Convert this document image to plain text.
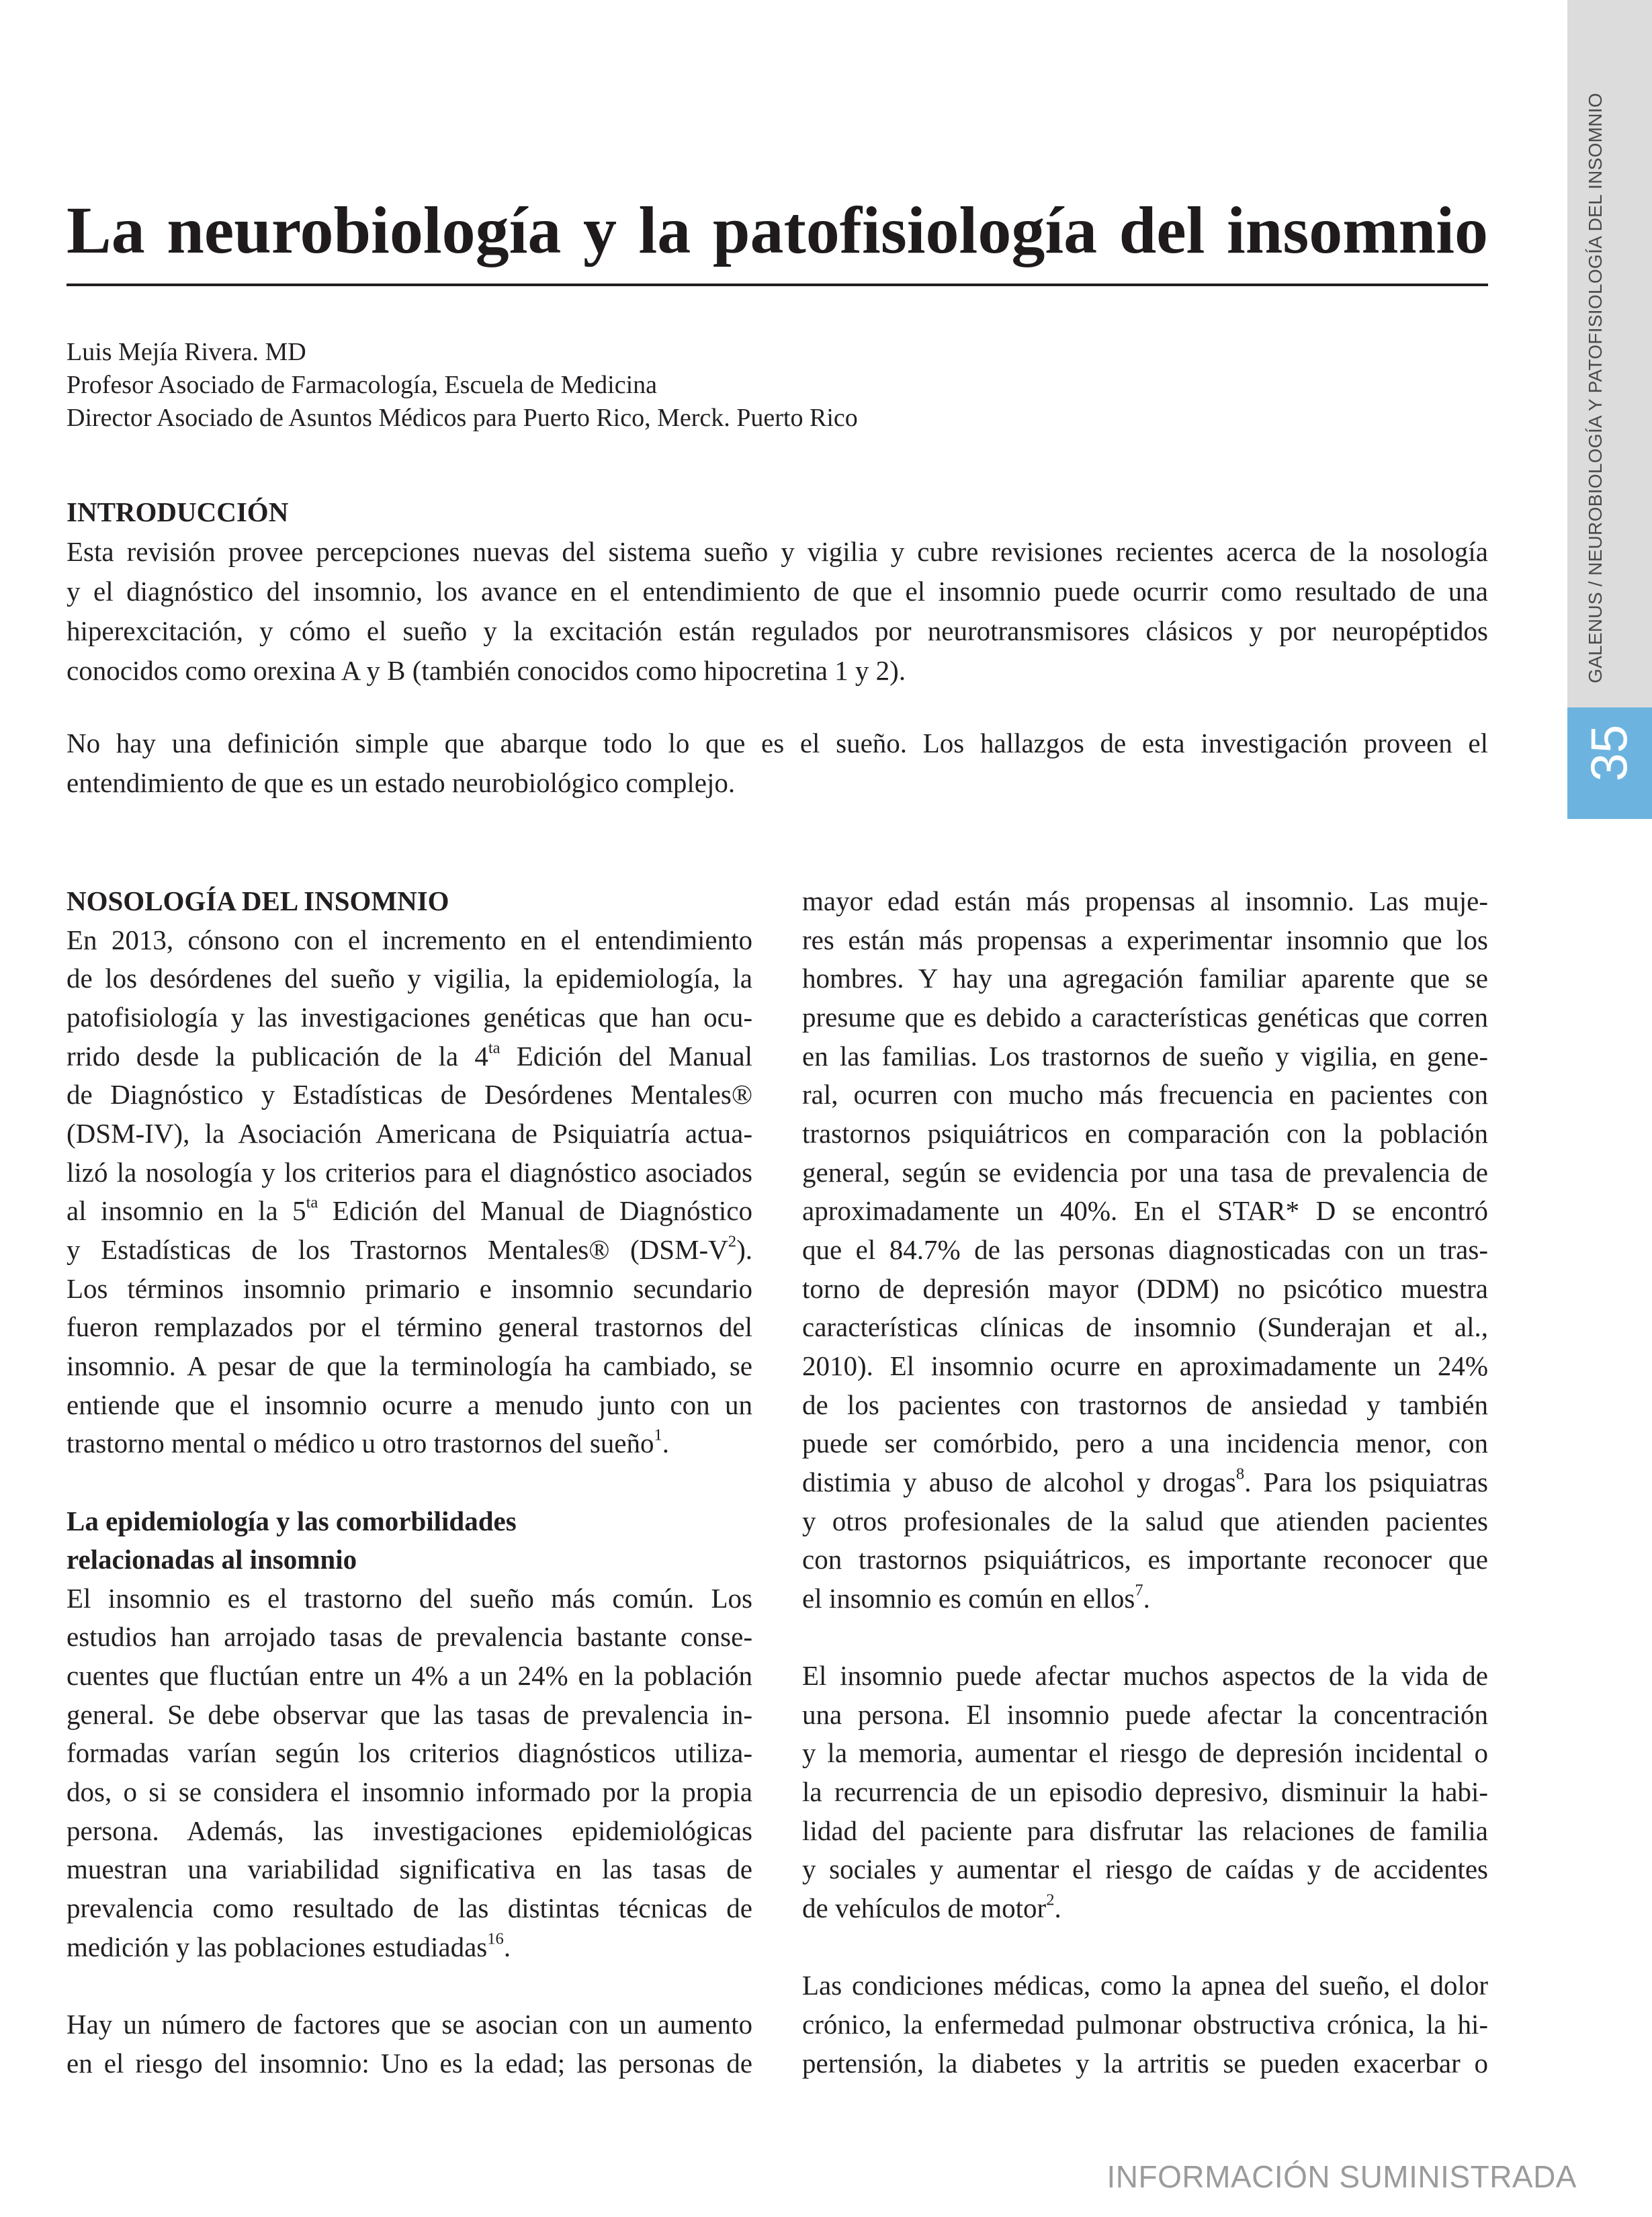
GALENUS / NEUROBIOLOGÍA Y PATOFISIOLOGÍA DEL INSOMNIO
35
La neurobiología y la patofisiología del insomnio
Luis Mejía Rivera. MD
Profesor Asociado de Farmacología, Escuela de Medicina
Director Asociado de Asuntos Médicos para Puerto Rico, Merck. Puerto Rico
INTRODUCCIÓN
Esta revisión provee percepciones nuevas del sistema sueño y vigilia y cubre revisiones recientes acerca de la nosología
y el diagnóstico del insomnio, los avance en el entendimiento de que el insomnio puede ocurrir como resultado de una
hiperexcitación, y cómo el sueño y la excitación están regulados por neurotransmisores clásicos y por neuropéptidos
conocidos como orexina A y B (también conocidos como hipocretina 1 y 2).
No hay una definición simple que abarque todo lo que es el sueño. Los hallazgos de esta investigación proveen el
entendimiento de que es un estado neurobiológico complejo.
NOSOLOGÍA DEL INSOMNIO
En 2013, cónsono con el incremento en el entendimiento
de los desórdenes del sueño y vigilia, la epidemiología, la
patofisiología y las investigaciones genéticas que han ocu-
rrido desde la publicación de la $4^{ta}$ Edición del Manual
de Diagnóstico y Estadísticas de Desórdenes Mentales®
(DSM-IV), la Asociación Americana de Psiquiatría actua-
lizó la nosología y los criterios para el diagnóstico asociados
al insomnio en la $5^{ta}$ Edición del Manual de Diagnóstico
y Estadísticas de los Trastornos Mentales® $(DSM-V^2)$.
Los términos insomnio primario e insomnio secundario
fueron remplazados por el término general trastornos del
insomnio. A pesar de que la terminología ha cambiado, se
entiende que el insomnio ocurre a menudo junto con un
trastorno mental o médico u otro trastornos del sueño$^1$.
La epidemiología y las comorbilidades
relacionadas al insomnio
El insomnio es el trastorno del sueño más común. Los
estudios han arrojado tasas de prevalencia bastante conse-
cuentes que fluctúan entre un 4% a un 24% en la población
general. Se debe observar que las tasas de prevalencia in-
formadas varían según los criterios diagnósticos utiliza-
dos, o si se considera el insomnio informado por la propia
persona. Además, las investigaciones epidemiológicas
muestran una variabilidad significativa en las tasas de
prevalencia como resultado de las distintas técnicas de
medición y las poblaciones estudiadas$^{16}$.
Hay un número de factores que se asocian con un aumento
en el riesgo del insomnio: Uno es la edad; las personas de
mayor edad están más propensas al insomnio. Las muje-
res están más propensas a experimentar insomnio que los
hombres. Y hay una agregación familiar aparente que se
presume que es debido a características genéticas que corren
en las familias. Los trastornos de sueño y vigilia, en gene-
ral, ocurren con mucho más frecuencia en pacientes con
trastornos psiquiátricos en comparación con la población
general, según se evidencia por una tasa de prevalencia de
aproximadamente un 40%. En el STAR* D se encontró
que el 84.7% de las personas diagnosticadas con un tras-
torno de depresión mayor (DDM) no psicótico muestra
características clínicas de insomnio (Sunderajan et al.,
2010). El insomnio ocurre en aproximadamente un 24%
de los pacientes con trastornos de ansiedad y también
puede ser comórbido, pero a una incidencia menor, con
distimia y abuso de alcohol y drogas$^8$. Para los psiquiatras
y otros profesionales de la salud que atienden pacientes
con trastornos psiquiátricos, es importante reconocer que
el insomnio es común en ellos$^7$.
El insomnio puede afectar muchos aspectos de la vida de
una persona. El insomnio puede afectar la concentración
y la memoria, aumentar el riesgo de depresión incidental o
la recurrencia de un episodio depresivo, disminuir la habi-
lidad del paciente para disfrutar las relaciones de familia
y sociales y aumentar el riesgo de caídas y de accidentes
de vehículos de motor$^2$.
Las condiciones médicas, como la apnea del sueño, el dolor
crónico, la enfermedad pulmonar obstructiva crónica, la hi-
pertensión, la diabetes y la artritis se pueden exacerbar o
INFORMACIÓN SUMINISTRADA
